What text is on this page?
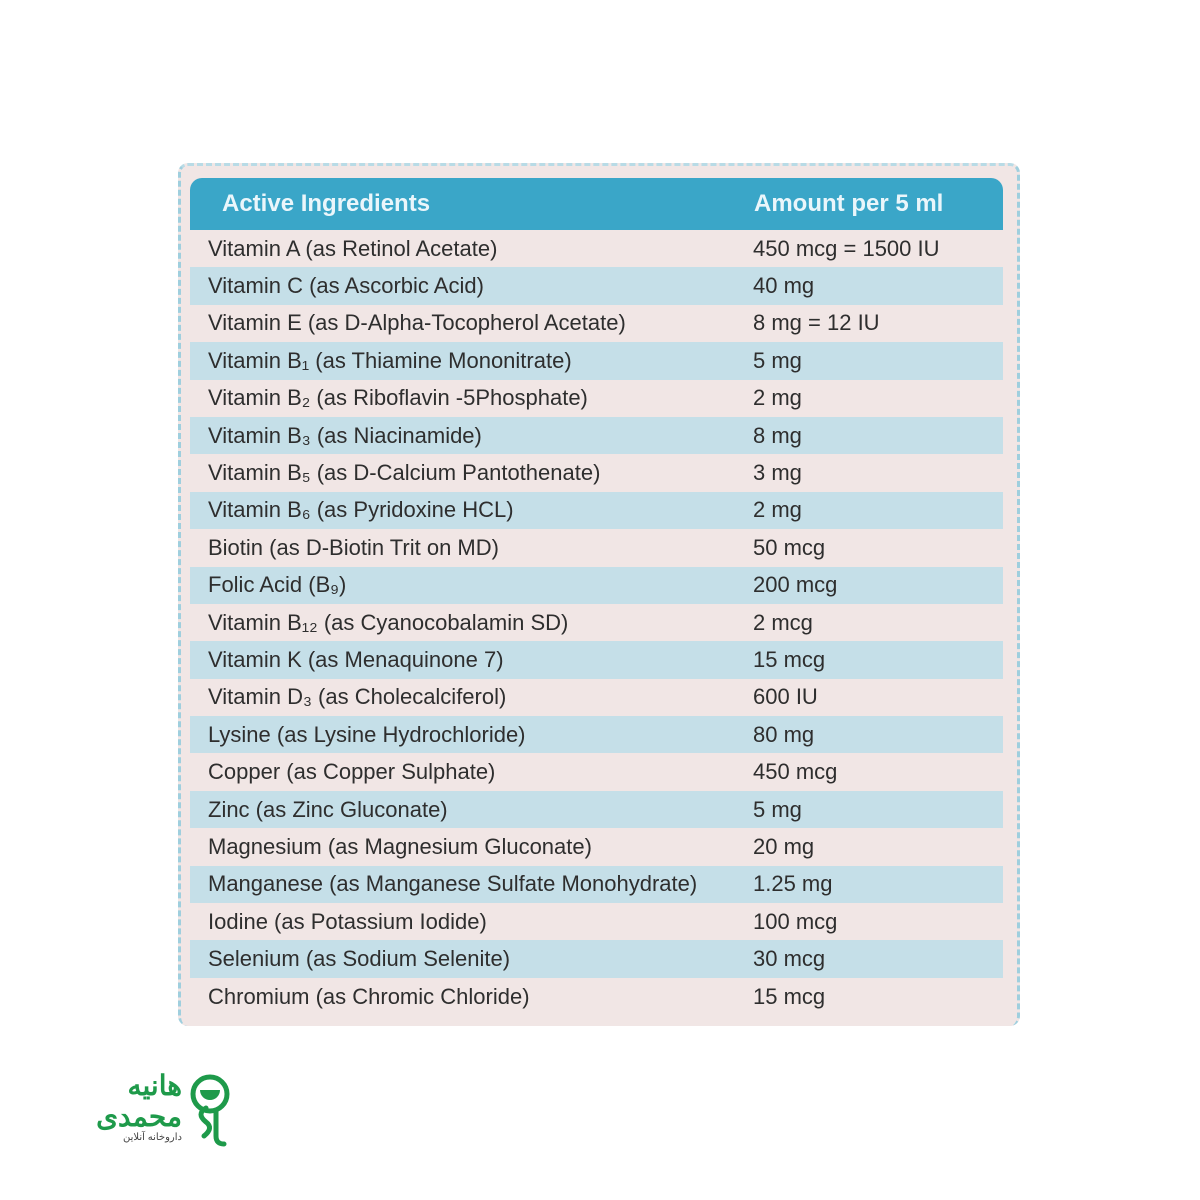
Active Ingredients	Amount per 5 ml
Vitamin A (as Retinol Acetate)	450 mcg = 1500 IU
Vitamin C (as Ascorbic Acid)	40 mg
Vitamin E (as D-Alpha-Tocopherol Acetate)	8 mg = 12 IU
Vitamin B₁ (as Thiamine Mononitrate)	5 mg
Vitamin B₂ (as Riboflavin -5Phosphate)	2 mg
Vitamin B₃ (as Niacinamide)	8 mg
Vitamin B₅ (as D-Calcium Pantothenate)	3 mg
Vitamin B₆ (as Pyridoxine HCL)	2 mg
Biotin (as D-Biotin Trit on MD)	50 mcg
Folic Acid (B₉)	200 mcg
Vitamin B₁₂ (as Cyanocobalamin SD)	2 mcg
Vitamin K (as Menaquinone 7)	15 mcg
Vitamin D₃ (as Cholecalciferol)	600 IU
Lysine (as Lysine Hydrochloride)	80 mg
Copper (as Copper Sulphate)	450 mcg
Zinc (as Zinc Gluconate)	5 mg
Magnesium (as Magnesium Gluconate)	20 mg
Manganese (as Manganese Sulfate Monohydrate)	1.25 mg
Iodine (as Potassium Iodide)	100 mcg
Selenium (as Sodium Selenite)	30 mcg
Chromium (as Chromic Chloride)	15 mcg
هانیه
محمدی
داروخانه آنلاین
